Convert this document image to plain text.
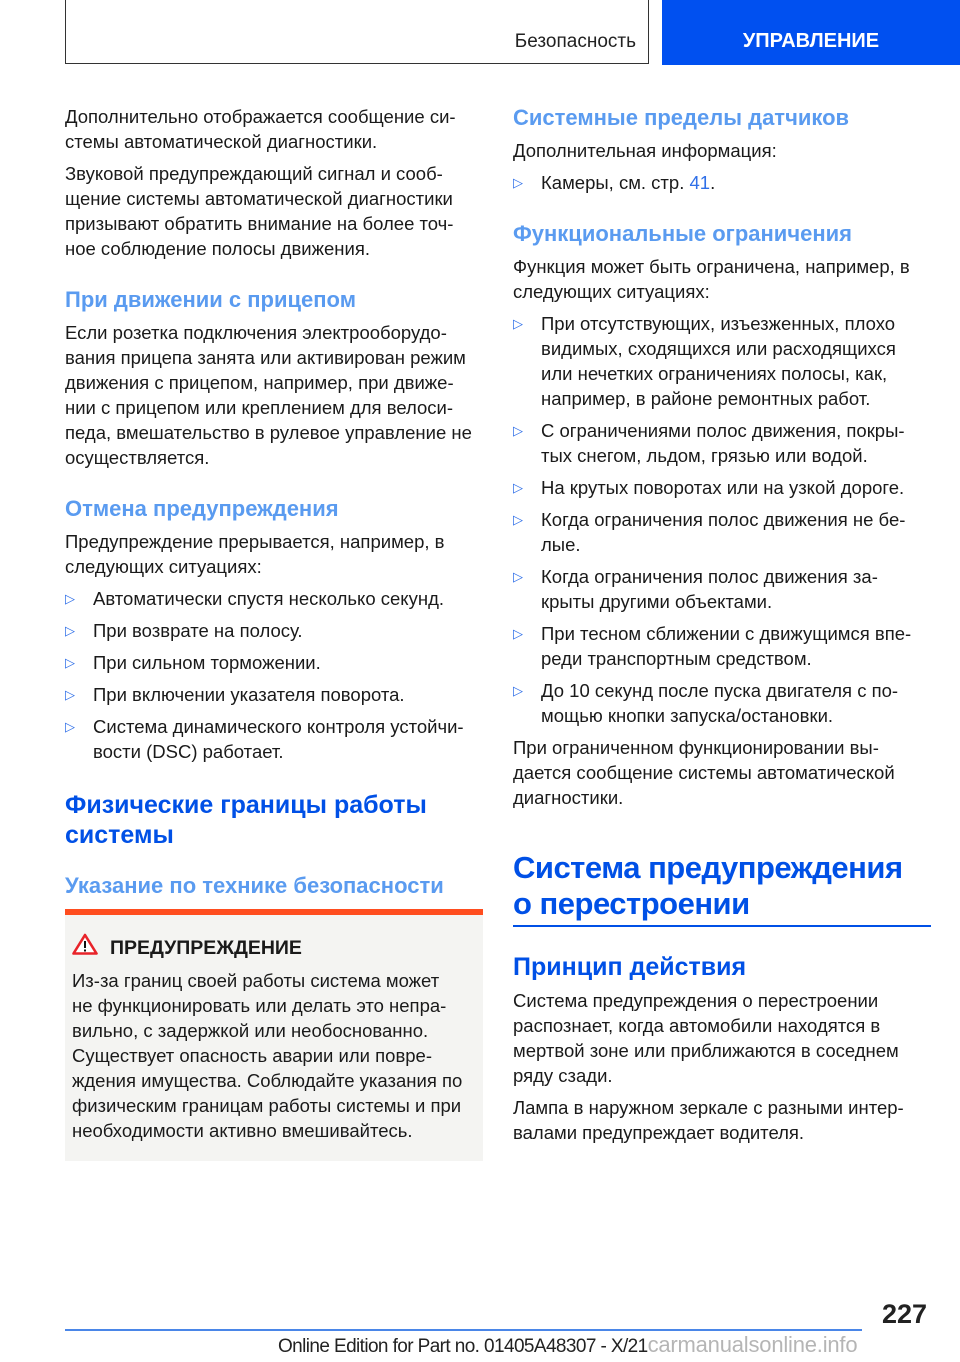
Безопасность	УПРАВЛЕНИЕ
Дополнительно отображается сообщение си-
стемы автоматической диагностики.
Звуковой предупреждающий сигнал и сооб-
щение системы автоматической диагностики
призывают обратить внимание на более точ-
ное соблюдение полосы движения.
При движении с прицепом
Если розетка подключения электрооборудо-
вания прицепа занята или активирован режим
движения с прицепом, например, при движе-
нии с прицепом или креплением для велоси-
педа, вмешательство в рулевое управление не
осуществляется.
Отмена предупреждения
Предупреждение прерывается, например, в
следующих ситуациях:
▷ Автоматически спустя несколько секунд.
▷ При возврате на полосу.
▷ При сильном торможении.
▷ При включении указателя поворота.
▷ Система динамического контроля устойчи-
вости (DSC) работает.
Физические границы работы
системы
Указание по технике безопасности
ПРЕДУПРЕЖДЕНИЕ
Из-за границ своей работы система может
не функционировать или делать это непра-
вильно, с задержкой или необоснованно.
Существует опасность аварии или повре-
ждения имущества. Соблюдайте указания по
физическим границам работы системы и при
необходимости активно вмешивайтесь.
Системные пределы датчиков
Дополнительная информация:
▷ Камеры, см. стр. 41.
Функциональные ограничения
Функция может быть ограничена, например, в
следующих ситуациях:
▷ При отсутствующих, изъезженных, плохо
видимых, сходящихся или расходящихся
или нечетких ограничениях полосы, как,
например, в районе ремонтных работ.
▷ С ограничениями полос движения, покры-
тых снегом, льдом, грязью или водой.
▷ На крутых поворотах или на узкой дороге.
▷ Когда ограничения полос движения не бе-
лые.
▷ Когда ограничения полос движения за-
крыты другими объектами.
▷ При тесном сближении с движущимся впе-
реди транспортным средством.
▷ До 10 секунд после пуска двигателя с по-
мощью кнопки запуска/остановки.
При ограниченном функционировании вы-
дается сообщение системы автоматической
диагностики.
Система предупреждения
о перестроении
Принцип действия
Система предупреждения о перестроении
распознает, когда автомобили находятся в
мертвой зоне или приближаются в соседнем
ряду сзади.
Лампа в наружном зеркале с разными интер-
валами предупреждает водителя.
227
Online Edition for Part no. 01405A48307 - X/21carmanualsonline.info
